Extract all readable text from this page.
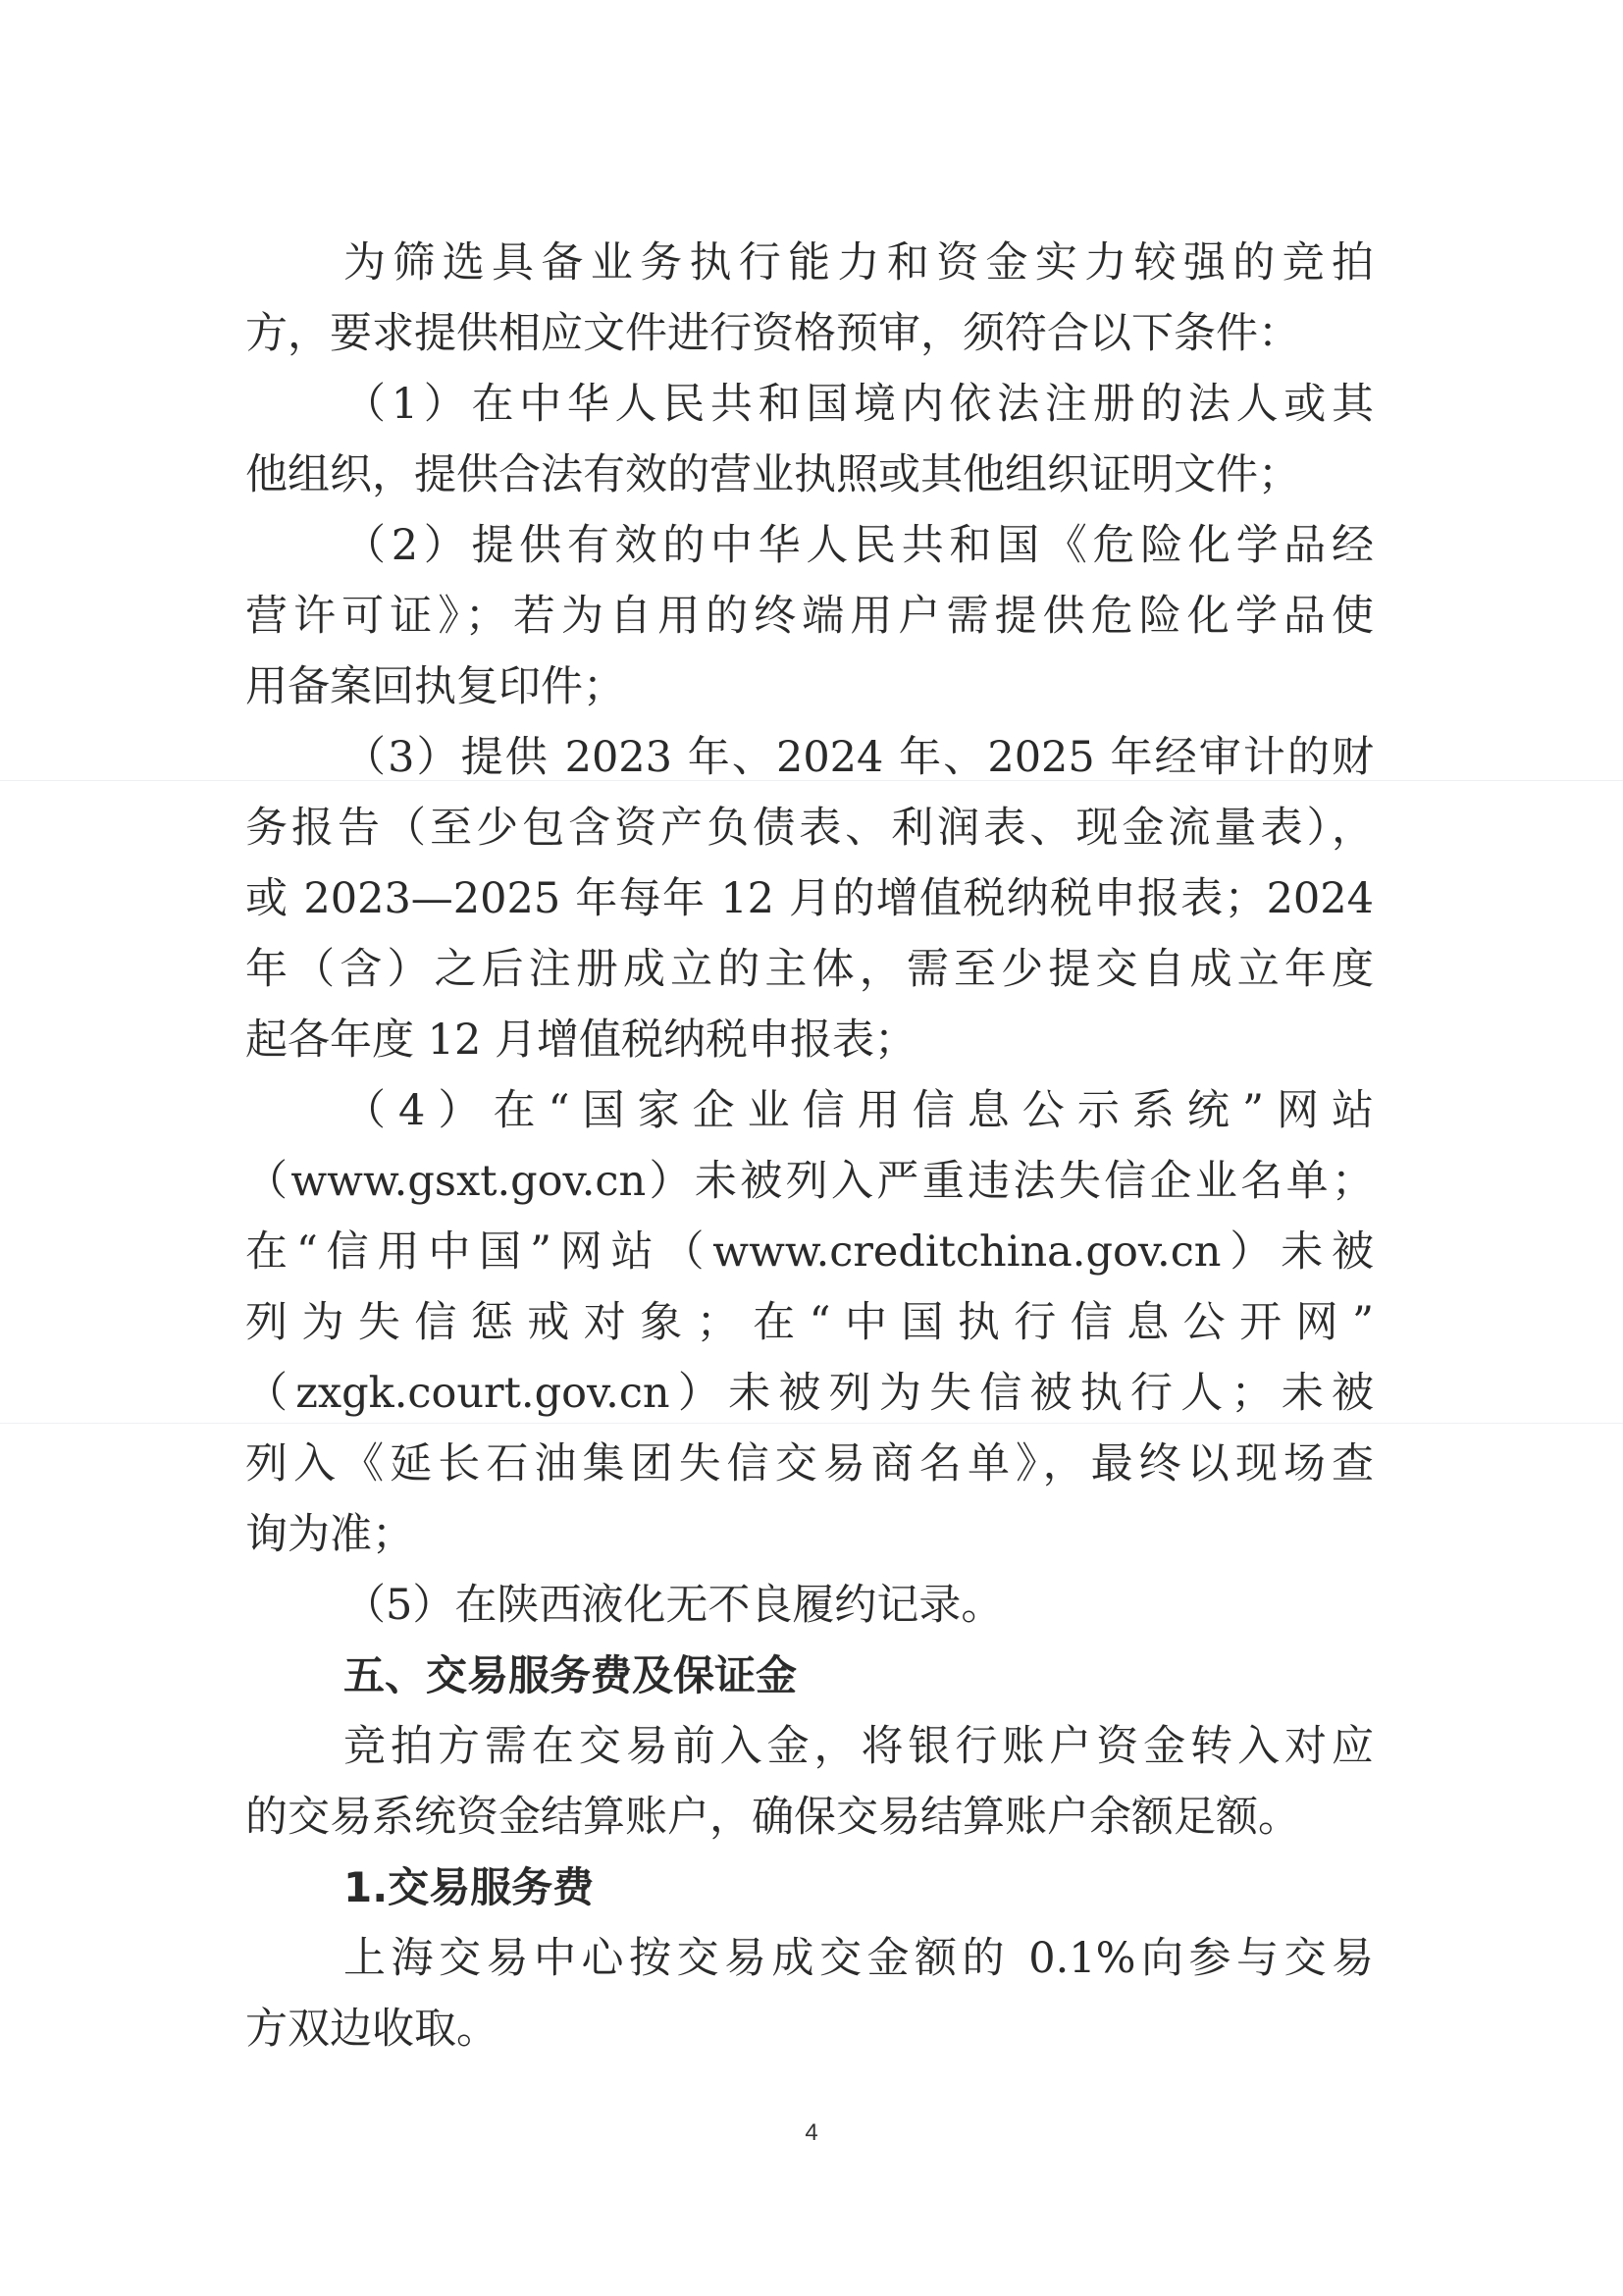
为筛选具备业务执行能力和资金实力较强的竞拍
方，要求提供相应文件进行资格预审，须符合以下条件：
（1）在中华人民共和国境内依法注册的法人或其
他组织，提供合法有效的营业执照或其他组织证明文件；
（2）提供有效的中华人民共和国《危险化学品经
营许可证》；若为自用的终端用户需提供危险化学品使
用备案回执复印件；
（3）提供 2023 年、2024 年、2025 年经审计的财
务报告（至少包含资产负债表、利润表、现金流量表），
或 2023—2025 年每年 12 月的增值税纳税申报表；2024
年（含）之后注册成立的主体，需至少提交自成立年度
起各年度 12 月增值税纳税申报表；
（4）在“国家企业信用信息公示系统”网站
（www.gsxt.gov.cn）未被列入严重违法失信企业名单；
在“信用中国”网站（www.creditchina.gov.cn）未被
列为失信惩戒对象；在“中国执行信息公开网”
（zxgk.court.gov.cn）未被列为失信被执行人；未被
列入《延长石油集团失信交易商名单》，最终以现场查
询为准；
（5）在陕西液化无不良履约记录。
五、交易服务费及保证金
竞拍方需在交易前入金，将银行账户资金转入对应
的交易系统资金结算账户，确保交易结算账户余额足额。
1.交易服务费
上海交易中心按交易成交金额的 0.1%向参与交易
方双边收取。
4
